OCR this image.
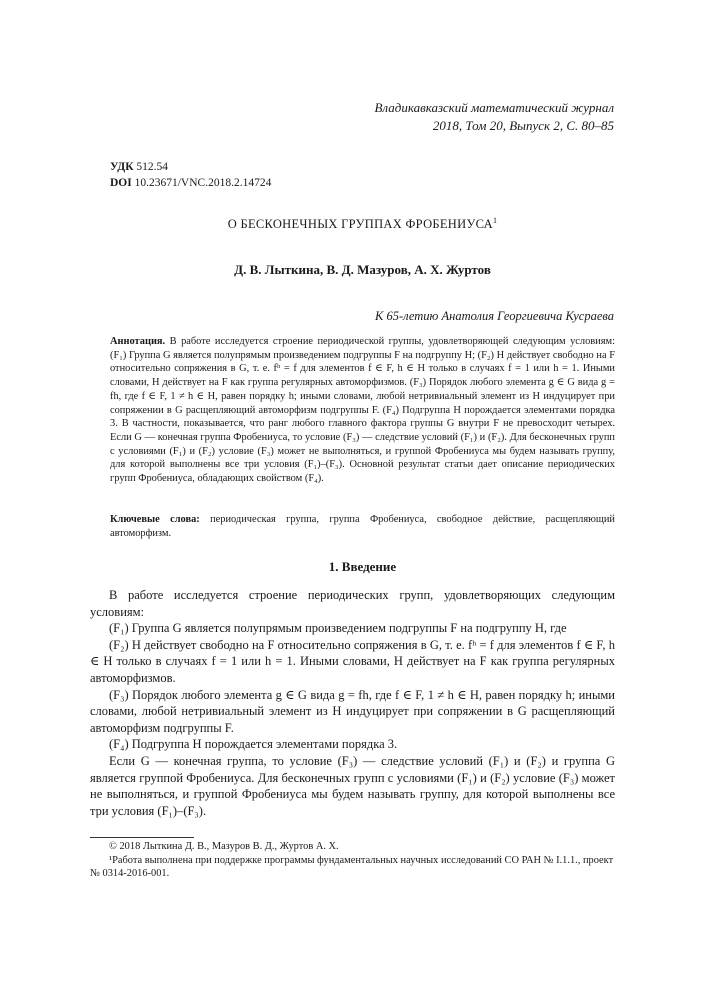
Владикавказский математический журнал
2018, Том 20, Выпуск 2, С. 80–85
УДК 512.54
DOI 10.23671/VNC.2018.2.14724
О БЕСКОНЕЧНЫХ ГРУППАХ ФРОБЕНИУСА$^1$
Д. В. Лыткина, В. Д. Мазуров, А. Х. Журтов
К 65-летию Анатолия Георгиевича Кусраева
Аннотация. В работе исследуется строение периодической группы, удовлетворяющей следующим условиям: (F₁) Группа G является полупрямым произведением подгруппы F на подгруппу H; (F₂) H действует свободно на F относительно сопряжения в G, т. е. fʰ = f для элементов f ∈ F, h ∈ H только в случаях f = 1 или h = 1. Иными словами, H действует на F как группа регулярных автоморфизмов. (F₃) Порядок любого элемента g ∈ G вида g = fh, где f ∈ F, 1 ≠ h ∈ H, равен порядку h; иными словами, любой нетривиальный элемент из H индуцирует при сопряжении в G расщепляющий автоморфизм подгруппы F. (F₄) Подгруппа H порождается элементами порядка 3. В частности, показывается, что ранг любого главного фактора группы G внутри F не превосходит четырех. Если G — конечная группа Фробениуса, то условие (F₃) — следствие условий (F₁) и (F₂). Для бесконечных групп с условиями (F₁) и (F₂) условие (F₃) может не выполняться, и группой Фробениуса мы будем называть группу, для которой выполнены все три условия (F₁)–(F₃). Основной результат статьи дает описание периодических групп Фробениуса, обладающих свойством (F₄).
Ключевые слова: периодическая группа, группа Фробениуса, свободное действие, расщепляющий автоморфизм.
1. Введение

В работе исследуется строение периодических групп, удовлетворяющих следующим условиям:

(F₁) Группа G является полупрямым произведением подгруппы F на подгруппу H, где

(F₂) H действует свободно на F относительно сопряжения в G, т. е. fʰ = f для элементов f ∈ F, h ∈ H только в случаях f = 1 или h = 1. Иными словами, H действует на F как группа регулярных автоморфизмов.

(F₃) Порядок любого элемента g ∈ G вида g = fh, где f ∈ F, 1 ≠ h ∈ H, равен порядку h; иными словами, любой нетривиальный элемент из H индуцирует при сопряжении в G расщепляющий автоморфизм подгруппы F.

(F₄) Подгруппа H порождается элементами порядка 3.

Если G — конечная группа, то условие (F₃) — следствие условий (F₁) и (F₂) и группа G является группой Фробениуса. Для бесконечных групп с условиями (F₁) и (F₂) условие (F₃) может не выполняться, и группой Фробениуса мы будем называть группу, для которой выполнены все три условия (F₁)–(F₃).

© 2018 Лыткина Д. В., Мазуров В. Д., Журтов А. Х.

¹Работа выполнена при поддержке программы фундаментальных научных исследований СО РАН № I.1.1., проект № 0314-2016-001.
